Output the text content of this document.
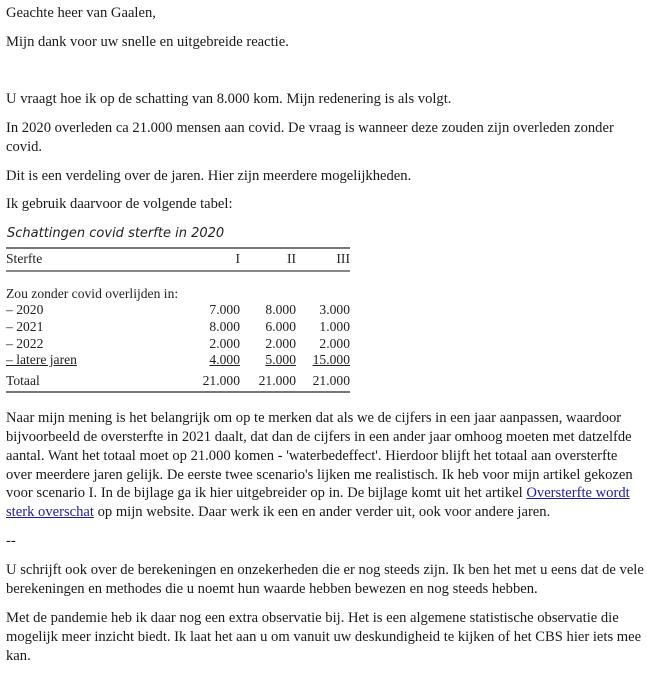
Geachte heer van Gaalen,

Mijn dank voor uw snelle en uitgebreide reactie.

U vraagt hoe ik op de schatting van 8.000 kom. Mijn redenering is als volgt.

In 2020 overleden ca 21.000 mensen aan covid. De vraag is wanneer deze zouden zijn overleden zonder
covid.

Dit is een verdeling over de jaren. Hier zijn meerdere mogelijkheden.

Ik gebruik daarvoor de volgende tabel:

Schattingen covid sterfte in 2020
Sterfte	I	II	III

Zou zonder covid overlijden in:			
– 2020	7.000	8.000	3.000
– 2021	8.000	6.000	1.000
– 2022	2.000	2.000	2.000
– latere jaren	4.000	5.000	15.000
Totaal	21.000	21.000	21.000
Naar mijn mening is het belangrijk om op te merken dat als we de cijfers in een jaar aanpassen, waardoor
bijvoorbeeld de oversterfte in 2021 daalt, dat dan de cijfers in een ander jaar omhoog moeten met datzelfde
aantal. Want het totaal moet op 21.000 komen - 'waterbedeffect'. Hierdoor blijft het totaal aan oversterfte
over meerdere jaren gelijk. De eerste twee scenario's lijken me realistisch. Ik heb voor mijn artikel gekozen
voor scenario I. In de bijlage ga ik hier uitgebreider op in. De bijlage komt uit het artikel Oversterfte wordt
sterk overschat op mijn website. Daar werk ik een en ander verder uit, ook voor andere jaren.

--

U schrijft ook over de berekeningen en onzekerheden die er nog steeds zijn. Ik ben het met u eens dat de vele
berekeningen en methodes die u noemt hun waarde hebben bewezen en nog steeds hebben.
Met de pandemie heb ik daar nog een extra observatie bij. Het is een algemene statistische observatie die
mogelijk meer inzicht biedt. Ik laat het aan u om vanuit uw deskundigheid te kijken of het CBS hier iets mee
kan.
